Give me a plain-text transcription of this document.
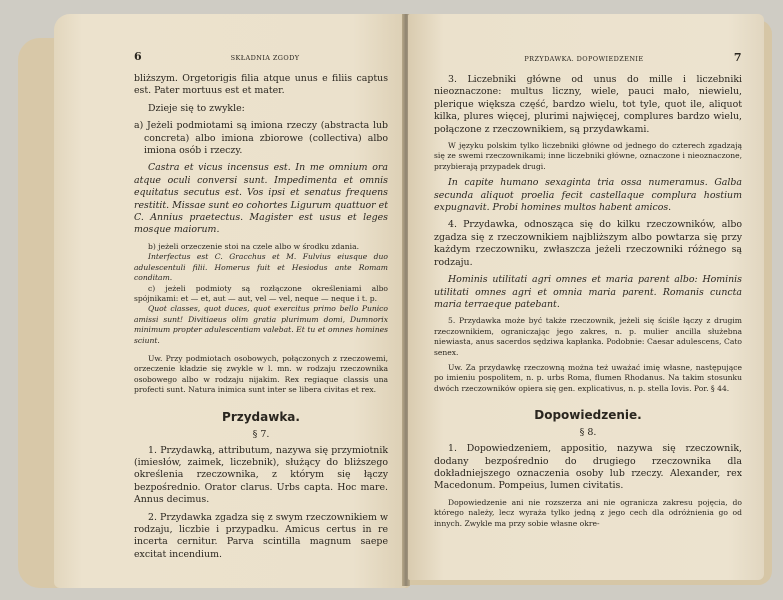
6	SKŁADNIA ZGODY

bliższym. Orgetorigis filia atque unus e filiis captus est. Pater mortuus est et mater.

Dzieje się to zwykle:

a) Jeżeli podmiotami są imiona rzeczy (abstracta lub concreta) albo imiona zbiorowe (collectiva) albo imiona osób i rzeczy.

Castra et vicus incensus est. In me omnium ora atque oculi conversi sunt. Impedimenta et omnis equitatus secutus est. Vos ipsi et senatus frequens restitit. Missae sunt eo cohortes Ligurum quattuor et C. Annius praetectus. Magister est usus et leges mosque maiorum.

b) jeżeli orzeczenie stoi na czele albo w środku zdania.

Interfectus est C. Gracchus et M. Fulvius eiusque duo adulescentuli filii. Homerus fuit et Hesiodus ante Romam conditam.

c) jeżeli podmioty są rozłączone określeniami albo spójnikami: et — et, aut — aut, vel — vel, neque — neque i t. p.

Quot classes, quot duces, quot exercitus primo bello Punico amissi sunt! Divitiaeus olim gratia plurimum domi, Dumnorix minimum propter adulescentiam valebat. Et tu et omnes homines sciunt.

Uw. Przy podmiotach osobowych, połączonych z rzeczowemi, orzeczenie kładzie się zwykle w l. mn. w rodzaju rzeczownika osobowego albo w rodzaju nijakim. Rex regiaque classis una profecti sunt. Natura inimica sunt inter se libera civitas et rex.

Przydawka.
§ 7.

1. Przydawką, attributum, nazywa się przymiotnik (imiesłów, zaimek, liczebnik), służący do bliższego określenia rzeczownika, z którym się łączy bezpośrednio. Orator clarus. Urbs capta. Hoc mare. Annus decimus.

2. Przydawka zgadza się z swym rzeczownikiem w rodzaju, liczbie i przypadku. Amicus certus in re incerta cernitur. Parva scintilla magnum saepe excitat incendium.

PRZYDAWKA. DOPOWIEDZENIE	7

3. Liczebniki główne od unus do mille i liczebniki nieoznaczone: multus liczny, wiele, pauci mało, niewielu, plerique większa część, bardzo wielu, tot tyle, quot ile, aliquot kilka, plures więcej, plurimi najwięcej, complures bardzo wielu, połączone z rzeczownikiem, są przydawkami.

W języku polskim tylko liczebniki główne od jednego do czterech zgadzają się ze swemi rzeczownikami; inne liczebniki główne, oznaczone i nieoznaczone, przybierają przypadek drugi.

In capite humano sexaginta tria ossa numeramus. Galba secunda aliquot proelia fecit castellaque complura hostium expugnavit. Probi homines multos habent amicos.

4. Przydawka, odnosząca się do kilku rzeczowników, albo zgadza się z rzeczownikiem najbliższym albo powtarza się przy każdym rzeczowniku, zwłaszcza jeżeli rzeczowniki różnego są rodzaju.

Hominis utilitati agri omnes et maria parent albo: Hominis utilitati omnes agri et omnia maria parent. Romanis cuncta maria terraeque patebant.

5. Przydawka może być także rzeczownik, jeżeli się ściśle łączy z drugim rzeczownikiem, ograniczając jego zakres, n. p. mulier ancilla służebna niewiasta, anus sacerdos sędziwa kapłanka. Podobnie: Caesar adulescens, Cato senex.

Uw. Za przydawkę rzeczowną można też uważać imię własne, następujące po imieniu pospolitem, n. p. urbs Roma, flumen Rhodanus. Na takim stosunku dwóch rzeczowników opiera się gen. explicativus, n. p. stella Iovis. Por. § 44.

Dopowiedzenie.
§ 8.

1. Dopowiedzeniem, appositio, nazywa się rzeczownik, dodany bezpośrednio do drugiego rzeczownika dla dokładniejszego oznaczenia osoby lub rzeczy. Alexander, rex Macedonum. Pompeius, lumen civitatis.

Dopowiedzenie ani nie rozszerza ani nie ogranicza zakresu pojęcia, do którego należy, lecz wyraża tylko jedną z jego cech dla odróżnienia go od innych. Zwykle ma przy sobie własne okre-
